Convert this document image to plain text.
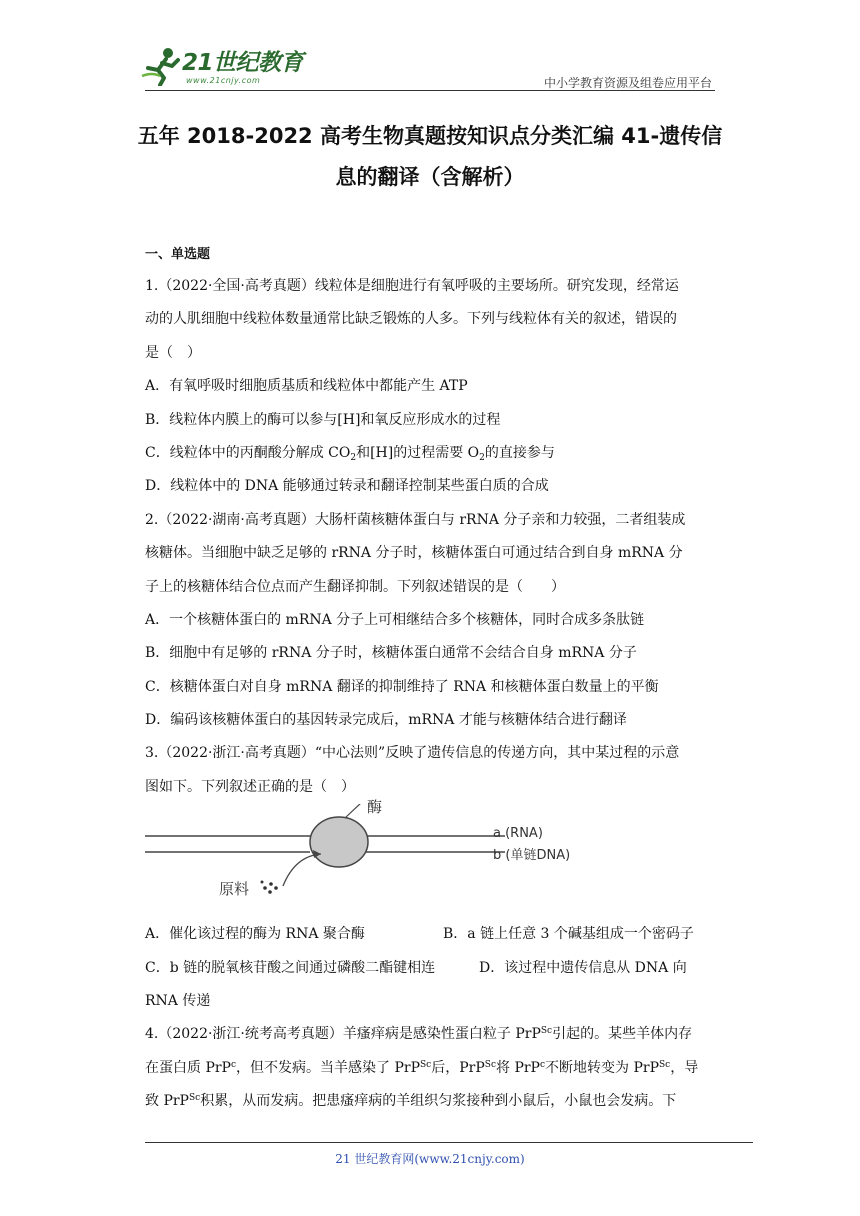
21世纪教育
www.21cnjy.com	中小学教育资源及组卷应用平台
五年 2018-2022 高考生物真题按知识点分类汇编 41-遗传信
息的翻译（含解析）
一、单选题
1.（2022·全国·高考真题）线粒体是细胞进行有氧呼吸的主要场所。研究发现，经常运
动的人肌细胞中线粒体数量通常比缺乏锻炼的人多。下列与线粒体有关的叙述，错误的
是（　）
A．有氧呼吸时细胞质基质和线粒体中都能产生 ATP
B．线粒体内膜上的酶可以参与[H]和氧反应形成水的过程
C．线粒体中的丙酮酸分解成 $CO_2$和[H]的过程需要 $O_2$的直接参与
D．线粒体中的 DNA 能够通过转录和翻译控制某些蛋白质的合成
2.（2022·湖南·高考真题）大肠杆菌核糖体蛋白与 rRNA 分子亲和力较强，二者组装成
核糖体。当细胞中缺乏足够的 rRNA 分子时，核糖体蛋白可通过结合到自身 mRNA 分
子上的核糖体结合位点而产生翻译抑制。下列叙述错误的是（　　）
A．一个核糖体蛋白的 mRNA 分子上可相继结合多个核糖体，同时合成多条肽链
B．细胞中有足够的 rRNA 分子时，核糖体蛋白通常不会结合自身 mRNA 分子
C．核糖体蛋白对自身 mRNA 翻译的抑制维持了 RNA 和核糖体蛋白数量上的平衡
D．编码该核糖体蛋白的基因转录完成后，mRNA 才能与核糖体结合进行翻译
3.（2022·浙江·高考真题）“中心法则”反映了遗传信息的传递方向，其中某过程的示意
图如下。下列叙述正确的是（　）
酶
a (RNA)
b (单链DNA)
原料
A．催化该过程的酶为 RNA 聚合酶	B．a 链上任意 3 个碱基组成一个密码子
C．b 链的脱氧核苷酸之间通过磷酸二酯键相连	D．该过程中遗传信息从 DNA 向
RNA 传递
4.（2022·浙江·统考高考真题）羊瘙痒病是感染性蛋白粒子 PrP$^{Sc}$引起的。某些羊体内存
在蛋白质 PrP$^c$，但不发病。当羊感染了 PrP$^{Sc}$后，PrP$^{Sc}$将 PrP$^c$不断地转变为 PrP$^{Sc}$，导
致 PrP$^{Sc}$积累，从而发病。把患瘙痒病的羊组织匀浆接种到小鼠后，小鼠也会发病。下
21 世纪教育网(www.21cnjy.com)
